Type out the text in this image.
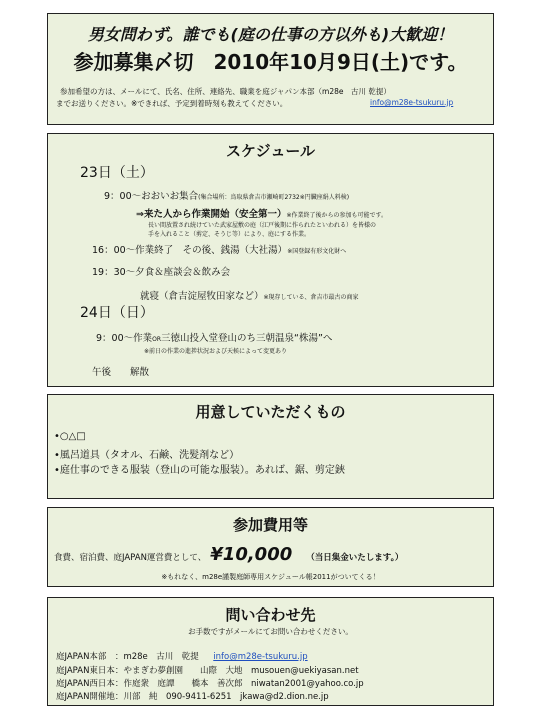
男女問わず。誰でも(庭の仕事の方以外も)大歓迎！
参加募集〆切　2010年10月9日(土)です。
参加希望の方は、メールにて、氏名、住所、連絡先、職業を庭ジャパン本部（m28e　古川 乾提）
までお送りください。※できれば、予定到着時刻も教えてください。	info@m28e-tsukuru.jp
スケジュール
23日（土）
9：00～おおいお集合(集合場所：鳥取県倉吉市瀬崎町2732※円臓座絹人料検)
⇒来た人から作業開始（安全第一）※作業終了後からの参加も可能です。
長い間放置され続けていた武家屋敷の庭（江戸後期に作られたといわれる）を皆様の
手を入れること（剪定、そうじ等）により、庭にする作業。
16：00～作業終了　その後、銭湯（大社湯）※国登録有形文化財へ
19：30～夕食＆座談会＆飲み会
就寝（倉吉淀屋牧田家など）※現存している、倉吉市最古の商家
24日（日）
9：00～作業OR三徳山投入堂登山のち三朝温泉“株湯”へ
※前日の作業の進捗状況および天候によって変更あり
午後　　解散
用意していただくもの
•○△□
•風呂道具（タオル、石鹸、洗髪剤など）
•庭仕事のできる服装（登山の可能な服装）。あれば、鋸、剪定鋏
参加費用等
食費、宿泊費、庭JAPAN運営費として、 ¥10,000 （当日集金いたします。）
※もれなく、m28e謹製庭師専用スケジュール帳2011がついてくる！
問い合わせ先
お手数ですがメールにてお問い合わせください。
庭JAPAN本部　：m28e　古川　乾提　info@m28e-tsukuru.jp
庭JAPAN東日本：やまぎわ夢創園　　山際　大地　musouen@uekiyasan.net
庭JAPAN西日本：作庭衆　庭譚　　橋本　善次郎　niwatan2001@yahoo.co.jp
庭JAPAN開催地：川部　純　090-9411-6251　jkawa@d2.dion.ne.jp
